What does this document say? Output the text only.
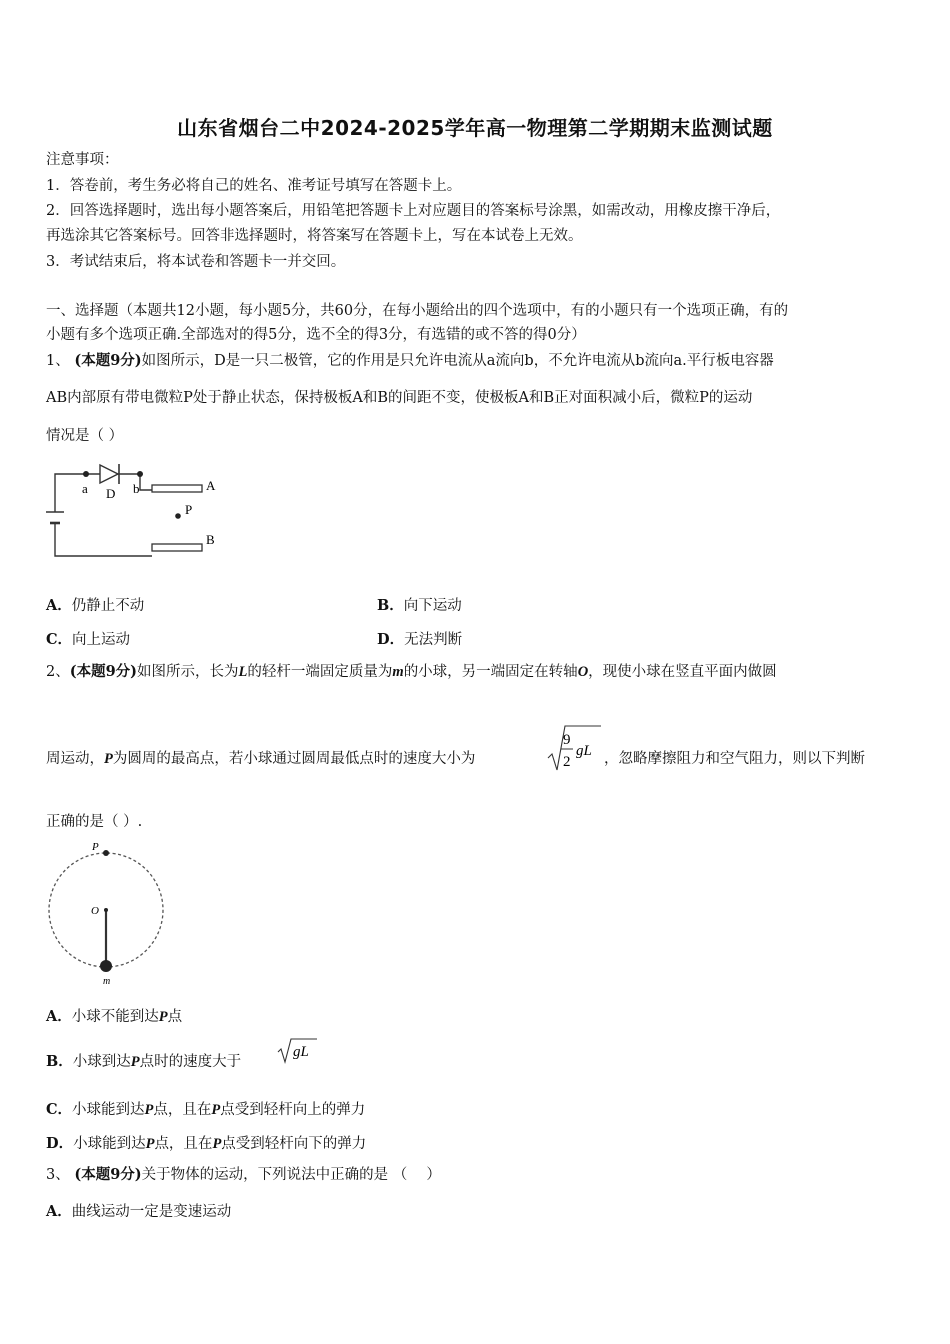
山东省烟台二中2024-2025学年高一物理第二学期期末监测试题
注意事项：
1．答卷前，考生务必将自己的姓名、准考证号填写在答题卡上。
2．回答选择题时，选出每小题答案后，用铅笔把答题卡上对应题目的答案标号涂黑，如需改动，用橡皮擦干净后，
再选涂其它答案标号。回答非选择题时，将答案写在答题卡上，写在本试卷上无效。
3．考试结束后，将本试卷和答题卡一并交回。
一、选择题（本题共12小题，每小题5分，共60分，在每小题给出的四个选项中，有的小题只有一个选项正确，有的
小题有多个选项正确.全部选对的得5分，选不全的得3分，有选错的或不答的得0分）
1、 (本题9分)如图所示，D是一只二极管，它的作用是只允许电流从a流向b，不允许电流从b流向a.平行板电容器
AB内部原有带电微粒P处于静止状态，保持极板A和B的间距不变，使极板A和B正对面积减小后，微粒P的运动
情况是（ ）
a D b	A
P
B
A．仍静止不动	B．向下运动
C．向上运动	D．无法判断
2、(本题9分)如图所示，长为L的轻杆一端固定质量为m的小球，另一端固定在转轴O，现使小球在竖直平面内做圆
周运动，P为圆周的最高点，若小球通过圆周最低点时的速度大小为
9
2
gL ，忽略摩擦阻力和空气阻力，则以下判断
正确的是（ ）.
P
O
m
A．小球不能到达P点
B．小球到达P点时的速度大于
gL
C．小球能到达P点，且在P点受到轻杆向上的弹力
D．小球能到达P点，且在P点受到轻杆向下的弹力
3、 (本题9分)关于物体的运动，下列说法中正确的是 （　 ）
A．曲线运动一定是变速运动
